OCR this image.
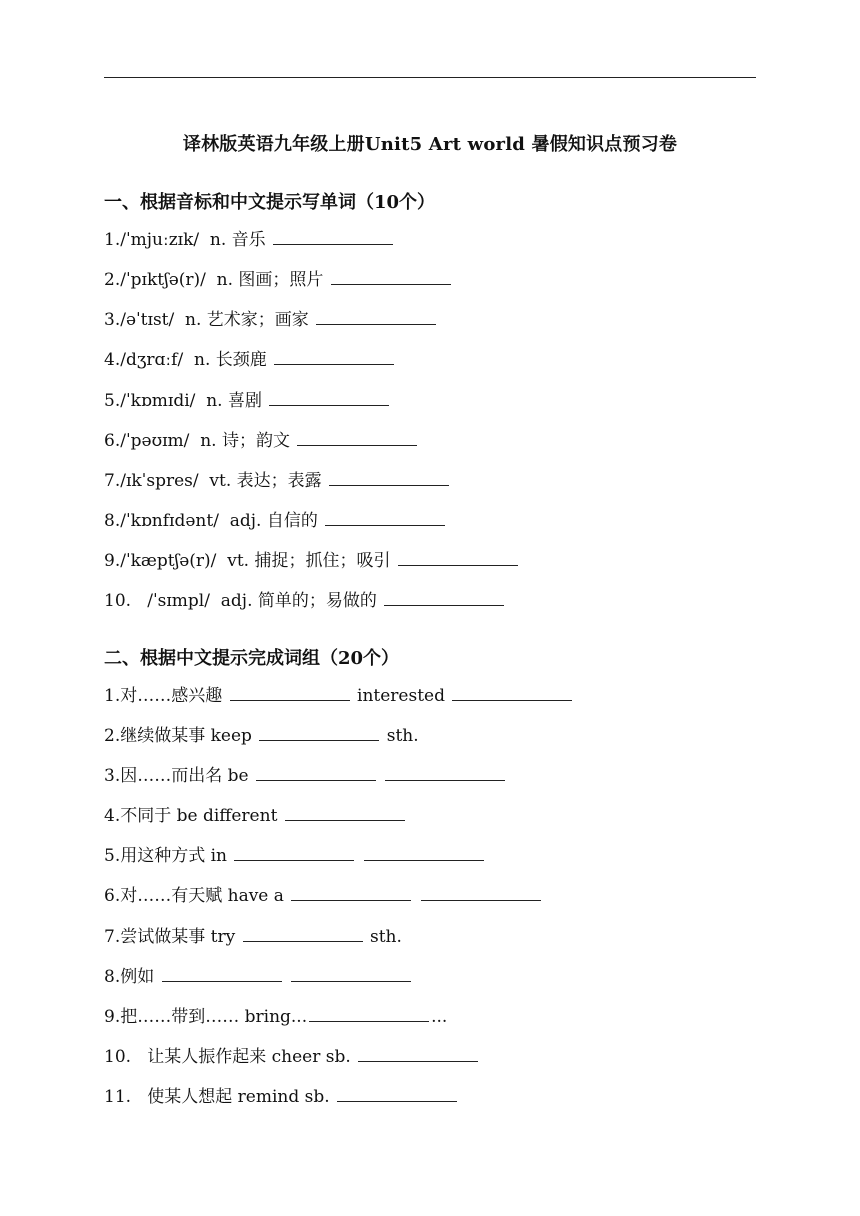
译林版英语九年级上册Unit5 Art world 暑假知识点预习卷
一、根据音标和中文提示写单词（10个）
1./ˈmjuːzɪk/  n. 音乐
2./ˈpɪktʃə(r)/  n. 图画；照片
3./əˈtɪst/  n. 艺术家；画家
4./dʒrɑːf/  n. 长颈鹿
5./ˈkɒmɪdi/  n. 喜剧
6./ˈpəʊɪm/  n. 诗；韵文
7./ɪkˈspres/  vt. 表达；表露
8./ˈkɒnfɪdənt/  adj. 自信的
9./ˈkæptʃə(r)/  vt. 捕捉；抓住；吸引
10.   /ˈsɪmpl/  adj. 简单的；易做的
二、根据中文提示完成词组（20个）
1.对……感兴趣	interested
2.继续做某事 keep	sth.
3.因……而出名 be
4.不同于 be different
5.用这种方式 in
6.对……有天赋 have a
7.尝试做某事 try	sth.
8.例如
9.把……带到…… bring...	...
10.   让某人振作起来 cheer sb.
11.   使某人想起 remind sb.
